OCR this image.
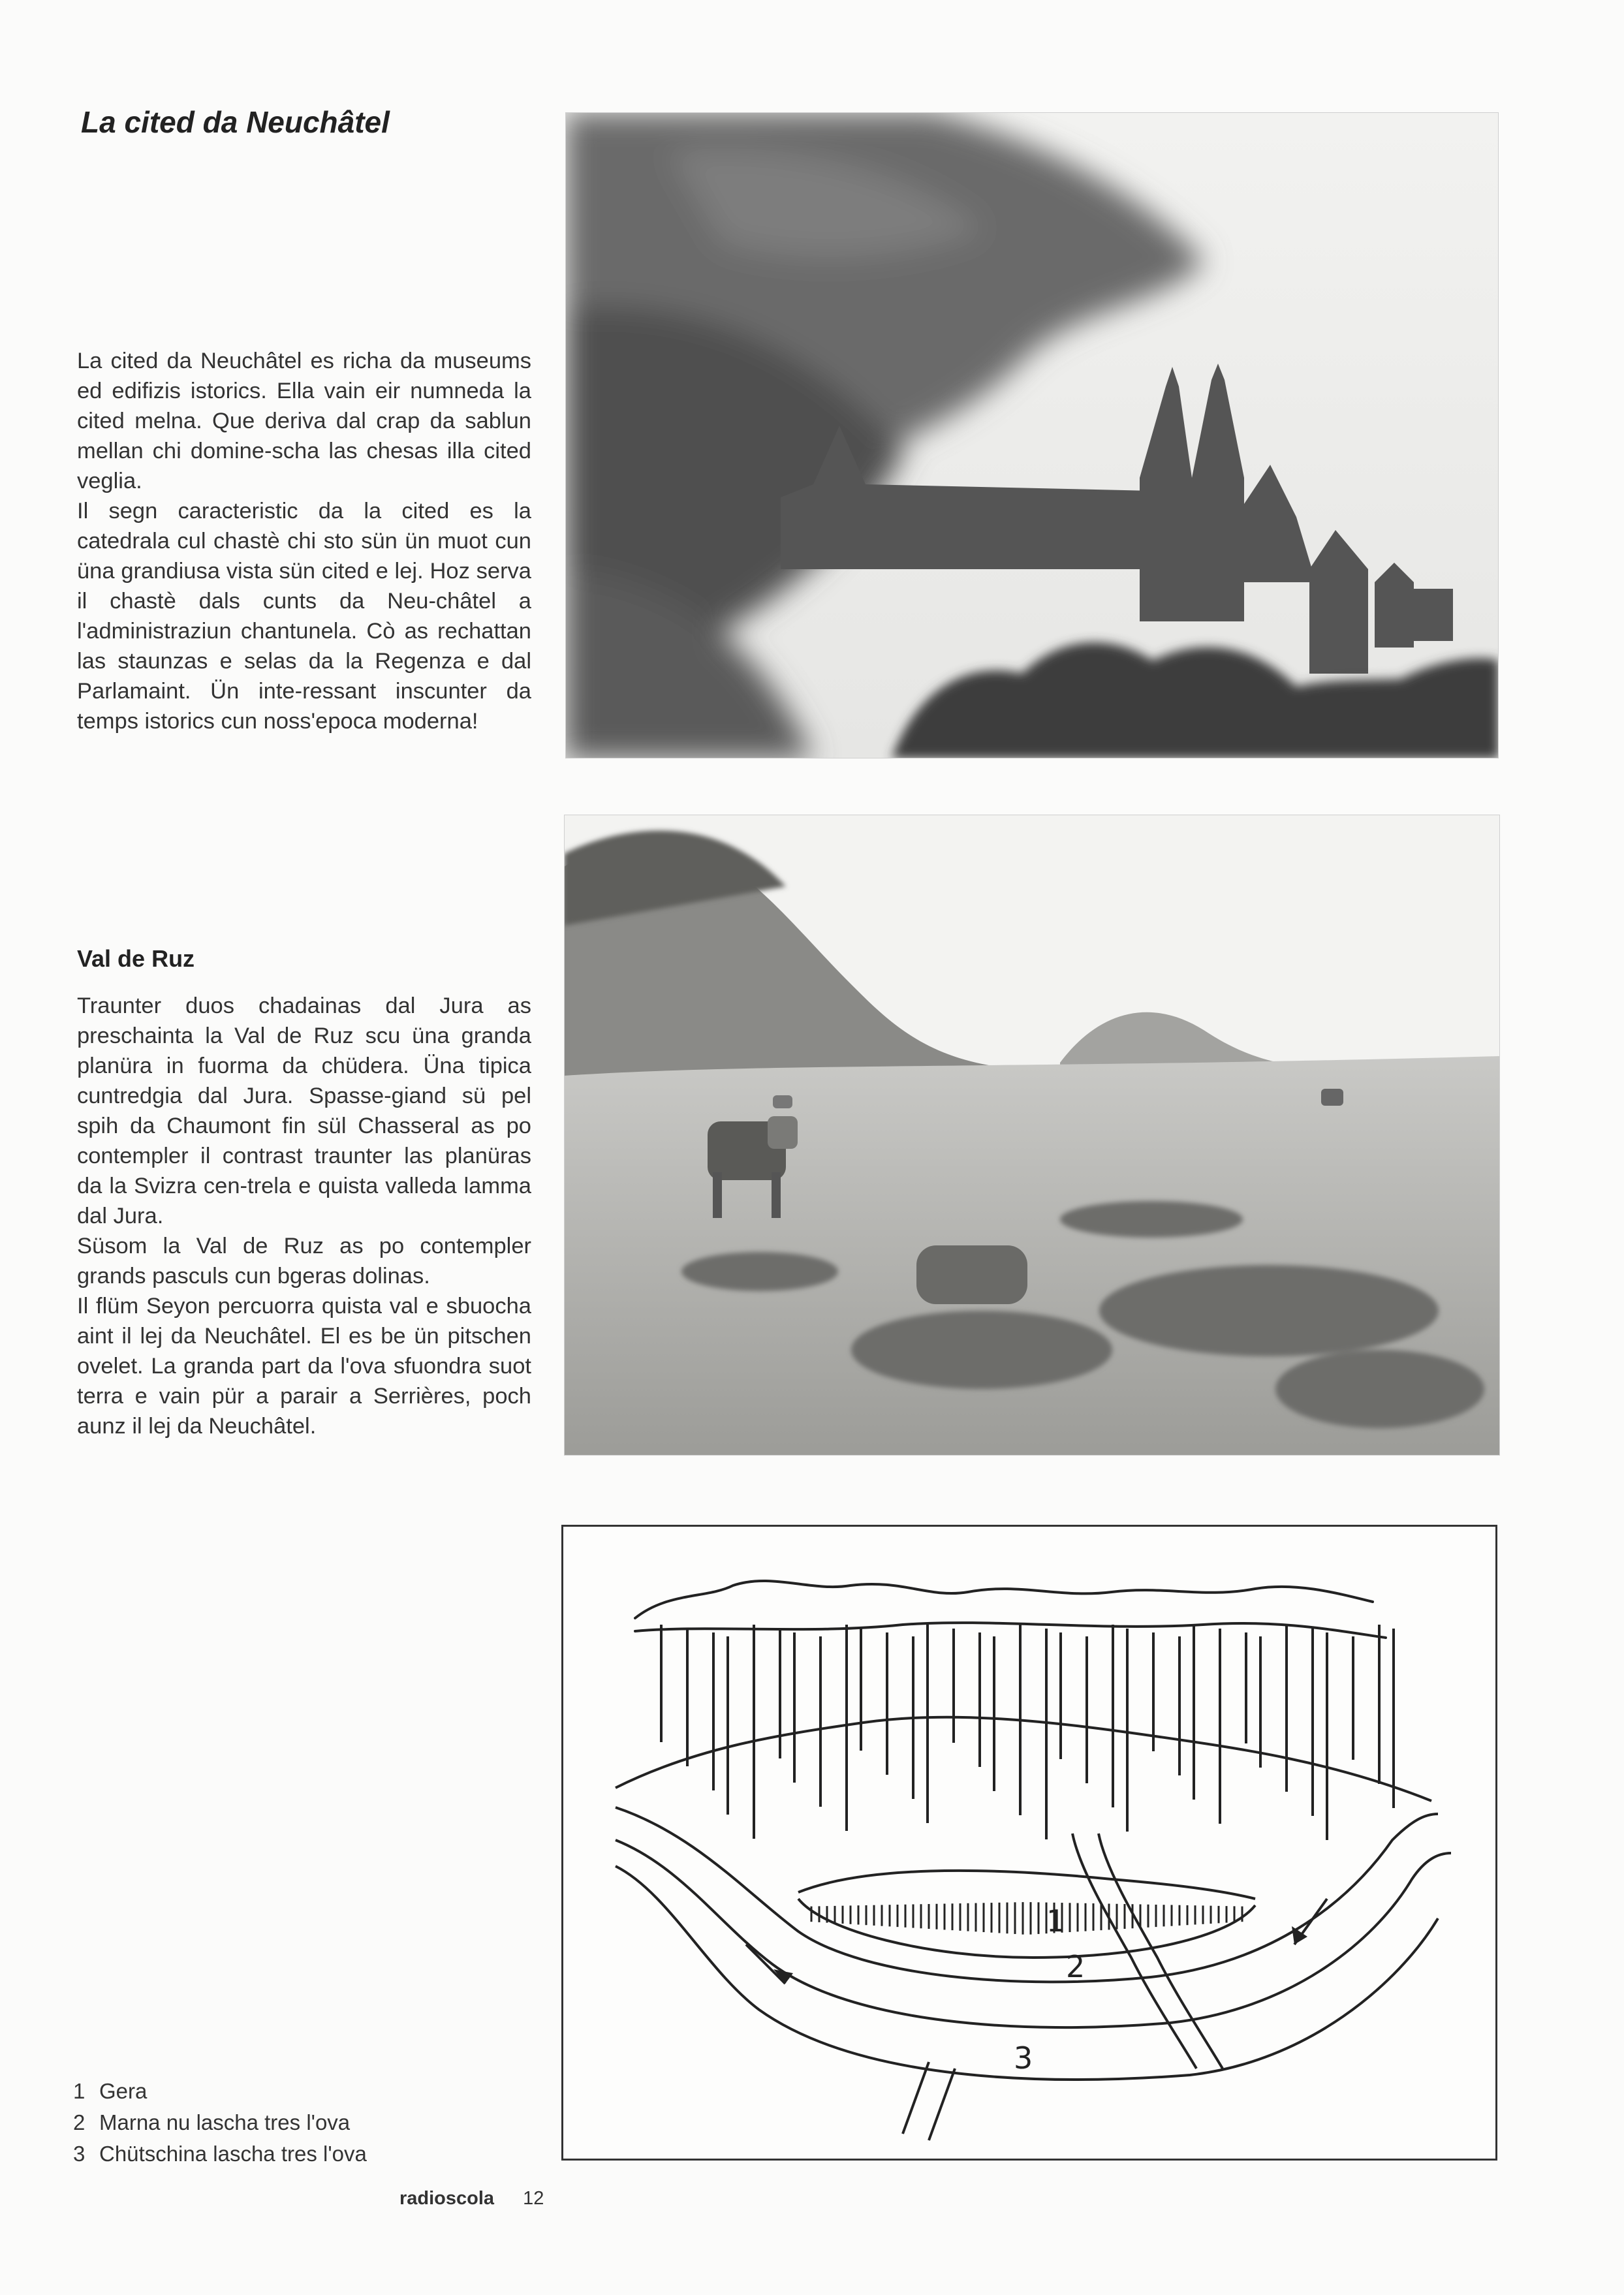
La cited da Neuchâtel

La cited da Neuchâtel es richa da museums ed edifizis istorics. Ella vain eir numneda la cited melna. Que deriva dal crap da sablun mellan chi domine-scha las chesas illa cited veglia.

Il segn caracteristic da la cited es la catedrala cul chastè chi sto sün ün muot cun üna grandiusa vista sün cited e lej. Hoz serva il chastè dals cunts da Neu-châtel a l'administraziun chantunela. Cò as rechattan las staunzas e selas da la Regenza e dal Parlamaint. Ün inte-ressant inscunter da temps istorics cun noss'epoca moderna!

Val de Ruz

Traunter duos chadainas dal Jura as preschainta la Val de Ruz scu üna granda planüra in fuorma da chüdera. Üna tipica cuntredgia dal Jura. Spasse-giand sü pel spih da Chaumont fin sül Chasseral as po contempler il contrast traunter las planüras da la Svizra cen-trela e quista valleda lamma dal Jura.

Süsom la Val de Ruz as po contempler grands pasculs cun bgeras dolinas.

Il flüm Seyon percuorra quista val e sbuocha aint il lej da Neuchâtel. El es be ün pitschen ovelet. La granda part da l'ova sfuondra suot terra e vain pür a parair a Serrières, poch aunz il lej da Neuchâtel.

1
2
3
1 Gera
2 Marna nu lascha tres l'ova
3 Chütschina lascha tres l'ova
radioscola 12
